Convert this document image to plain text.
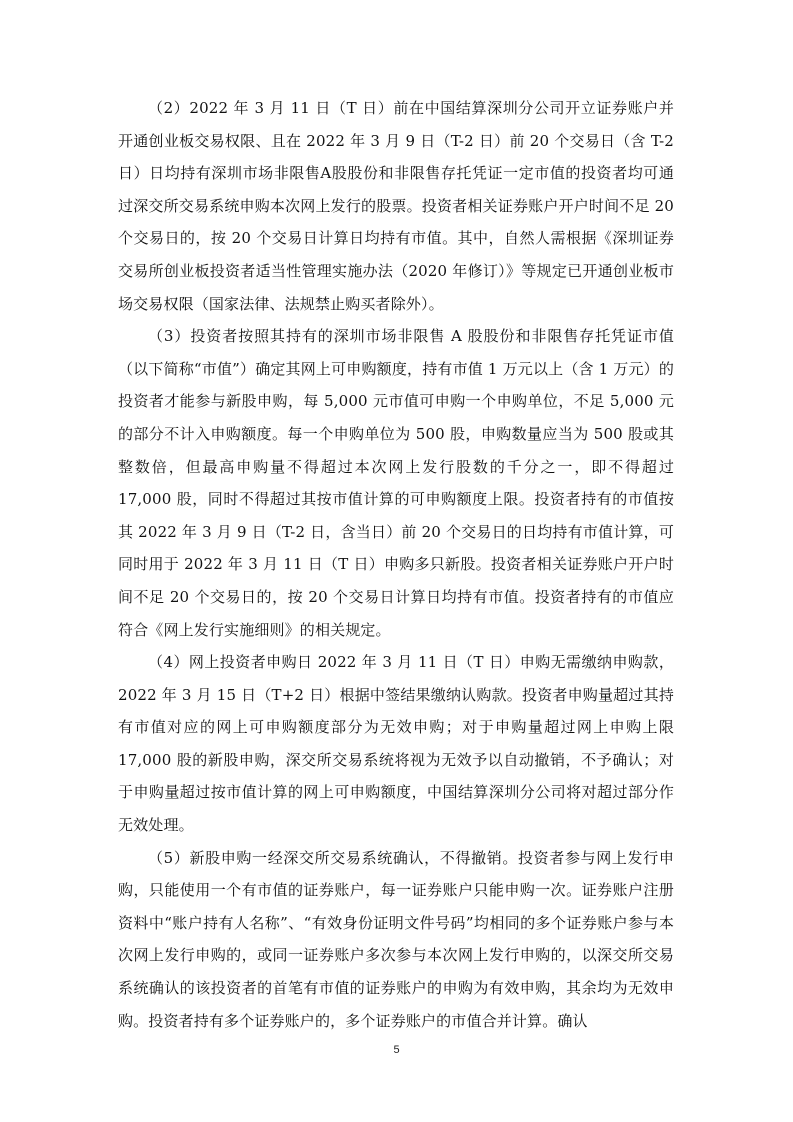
（2）2022 年 3 月 11 日（T 日）前在中国结算深圳分公司开立证券账户并开通创业板交易权限、且在 2022 年 3 月 9 日（T-2 日）前 20 个交易日（含 T-2 日）日均持有深圳市场非限售A股股份和非限售存托凭证一定市值的投资者均可通过深交所交易系统申购本次网上发行的股票。投资者相关证券账户开户时间不足 20 个交易日的，按 20 个交易日计算日均持有市值。其中，自然人需根据《深圳证券交易所创业板投资者适当性管理实施办法（2020 年修订）》等规定已开通创业板市场交易权限（国家法律、法规禁止购买者除外）。

（3）投资者按照其持有的深圳市场非限售 A 股股份和非限售存托凭证市值（以下简称“市值”）确定其网上可申购额度，持有市值 1 万元以上（含 1 万元）的投资者才能参与新股申购，每 5,000 元市值可申购一个申购单位，不足 5,000 元的部分不计入申购额度。每一个申购单位为 500 股，申购数量应当为 500 股或其整数倍，但最高申购量不得超过本次网上发行股数的千分之一，即不得超过 17,000 股，同时不得超过其按市值计算的可申购额度上限。投资者持有的市值按其 2022 年 3 月 9 日（T-2 日，含当日）前 20 个交易日的日均持有市值计算，可同时用于 2022 年 3 月 11 日（T 日）申购多只新股。投资者相关证券账户开户时间不足 20 个交易日的，按 20 个交易日计算日均持有市值。投资者持有的市值应符合《网上发行实施细则》的相关规定。

（4）网上投资者申购日 2022 年 3 月 11 日（T 日）申购无需缴纳申购款，2022 年 3 月 15 日（T+2 日）根据中签结果缴纳认购款。投资者申购量超过其持有市值对应的网上可申购额度部分为无效申购；对于申购量超过网上申购上限 17,000 股的新股申购，深交所交易系统将视为无效予以自动撤销，不予确认；对于申购量超过按市值计算的网上可申购额度，中国结算深圳分公司将对超过部分作无效处理。

（5）新股申购一经深交所交易系统确认，不得撤销。投资者参与网上发行申购，只能使用一个有市值的证券账户，每一证券账户只能申购一次。证券账户注册资料中“账户持有人名称”、“有效身份证明文件号码”均相同的多个证券账户参与本次网上发行申购的，或同一证券账户多次参与本次网上发行申购的，以深交所交易系统确认的该投资者的首笔有市值的证券账户的申购为有效申购，其余均为无效申购。投资者持有多个证券账户的，多个证券账户的市值合并计算。确认

5
